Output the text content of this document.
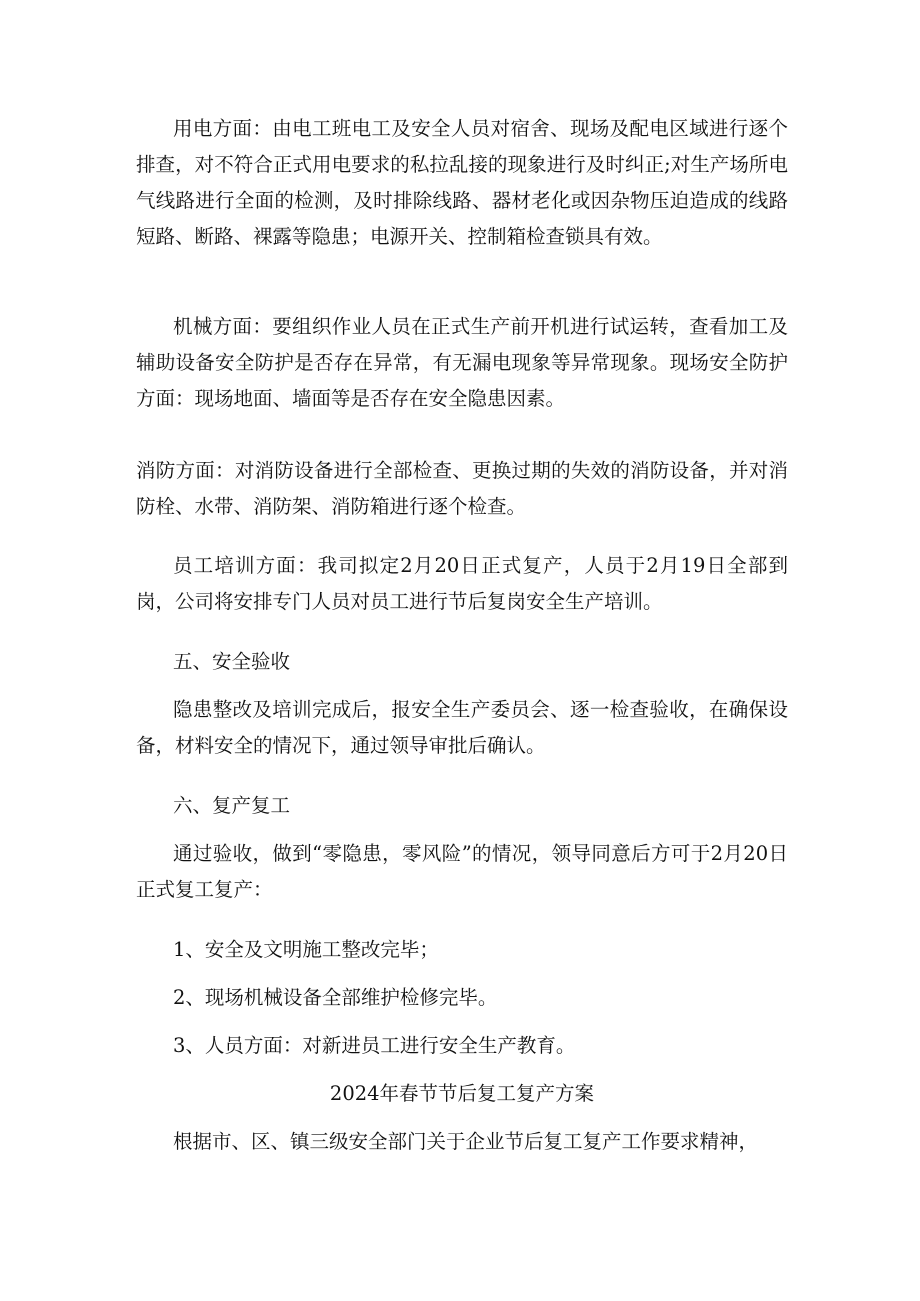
用电方面：由电工班电工及安全人员对宿舍、现场及配电区域进行逐个排查，对不符合正式用电要求的私拉乱接的现象进行及时纠正;对生产场所电气线路进行全面的检测，及时排除线路、器材老化或因杂物压迫造成的线路短路、断路、裸露等隐患；电源开关、控制箱检查锁具有效。

机械方面：要组织作业人员在正式生产前开机进行试运转，查看加工及辅助设备安全防护是否存在异常，有无漏电现象等异常现象。现场安全防护方面：现场地面、墙面等是否存在安全隐患因素。

消防方面：对消防设备进行全部检查、更换过期的失效的消防设备，并对消防栓、水带、消防架、消防箱进行逐个检查。

员工培训方面：我司拟定2月20日正式复产，人员于2月19日全部到岗，公司将安排专门人员对员工进行节后复岗安全生产培训。

五、安全验收

隐患整改及培训完成后，报安全生产委员会、逐一检查验收，在确保设备，材料安全的情况下，通过领导审批后确认。

六、复产复工

通过验收，做到“零隐患，零风险”的情况，领导同意后方可于2月20日正式复工复产：

1、安全及文明施工整改完毕；

2、现场机械设备全部维护检修完毕。

3、人员方面：对新进员工进行安全生产教育。

2024年春节节后复工复产方案

根据市、区、镇三级安全部门关于企业节后复工复产工作要求精神，
